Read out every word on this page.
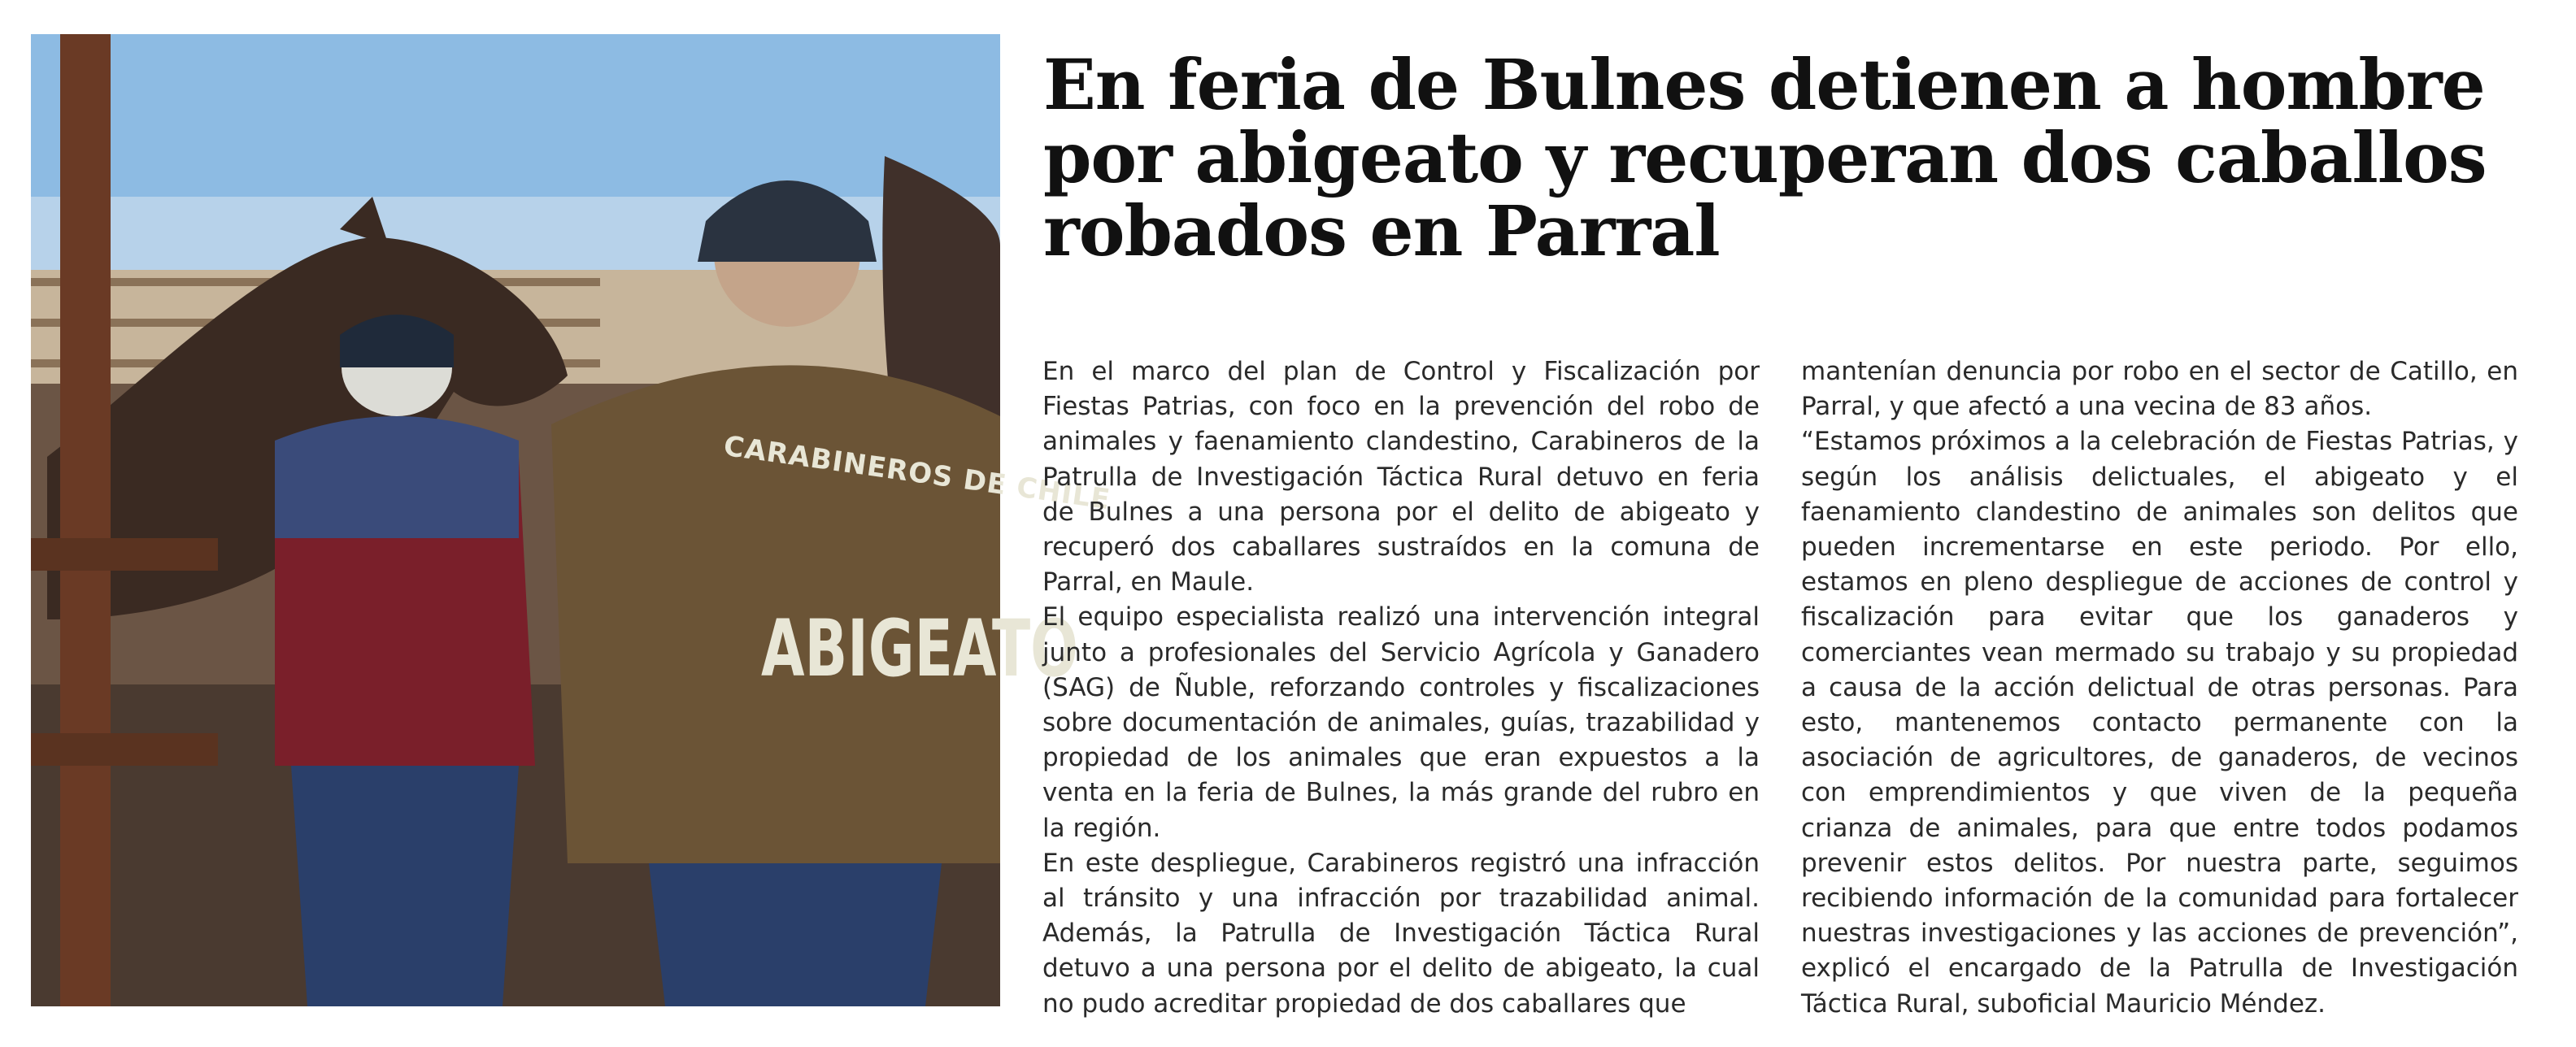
CARABINEROS DE CHILE
ABIGEATO
En feria de Bulnes detienen a hombre por abigeato y recuperan dos caballos robados en Parral

En el marco del plan de Control y Fiscalización por Fiestas Patrias, con foco en la prevención del robo de animales y faenamiento clandestino, Carabineros de la Patrulla de Investigación Táctica Rural detuvo en feria de Bulnes a una persona por el delito de abigeato y recuperó dos caballares sustraídos en la comuna de Parral, en Maule.

El equipo especialista realizó una intervención integral junto a profesionales del Servicio Agrícola y Ganadero (SAG) de Ñuble, reforzando controles y fiscalizaciones sobre documentación de animales, guías, trazabilidad y propiedad de los animales que eran expuestos a la venta en la feria de Bulnes, la más grande del rubro en la región.

En este despliegue, Carabineros registró una infracción al tránsito y una infracción por trazabilidad animal. Además, la Patrulla de Investigación Táctica Rural detuvo a una persona por el delito de abigeato, la cual no pudo acreditar propiedad de dos caballares que

mantenían denuncia por robo en el sector de Catillo, en Parral, y que afectó a una vecina de 83 años.

“Estamos próximos a la celebración de Fiestas Patrias, y según los análisis delictuales, el abigeato y el faenamiento clandestino de animales son delitos que pueden incrementarse en este periodo. Por ello, estamos en pleno despliegue de acciones de control y fiscalización para evitar que los ganaderos y comerciantes vean mermado su trabajo y su propiedad a causa de la acción delictual de otras personas. Para esto, mantenemos contacto permanente con la asociación de agricultores, de ganaderos, de vecinos con emprendimientos y que viven de la pequeña crianza de animales, para que entre todos podamos prevenir estos delitos. Por nuestra parte, seguimos recibiendo información de la comunidad para fortalecer nuestras investigaciones y las acciones de prevención”, explicó el encargado de la Patrulla de Investigación Táctica Rural, suboficial Mauricio Méndez.
